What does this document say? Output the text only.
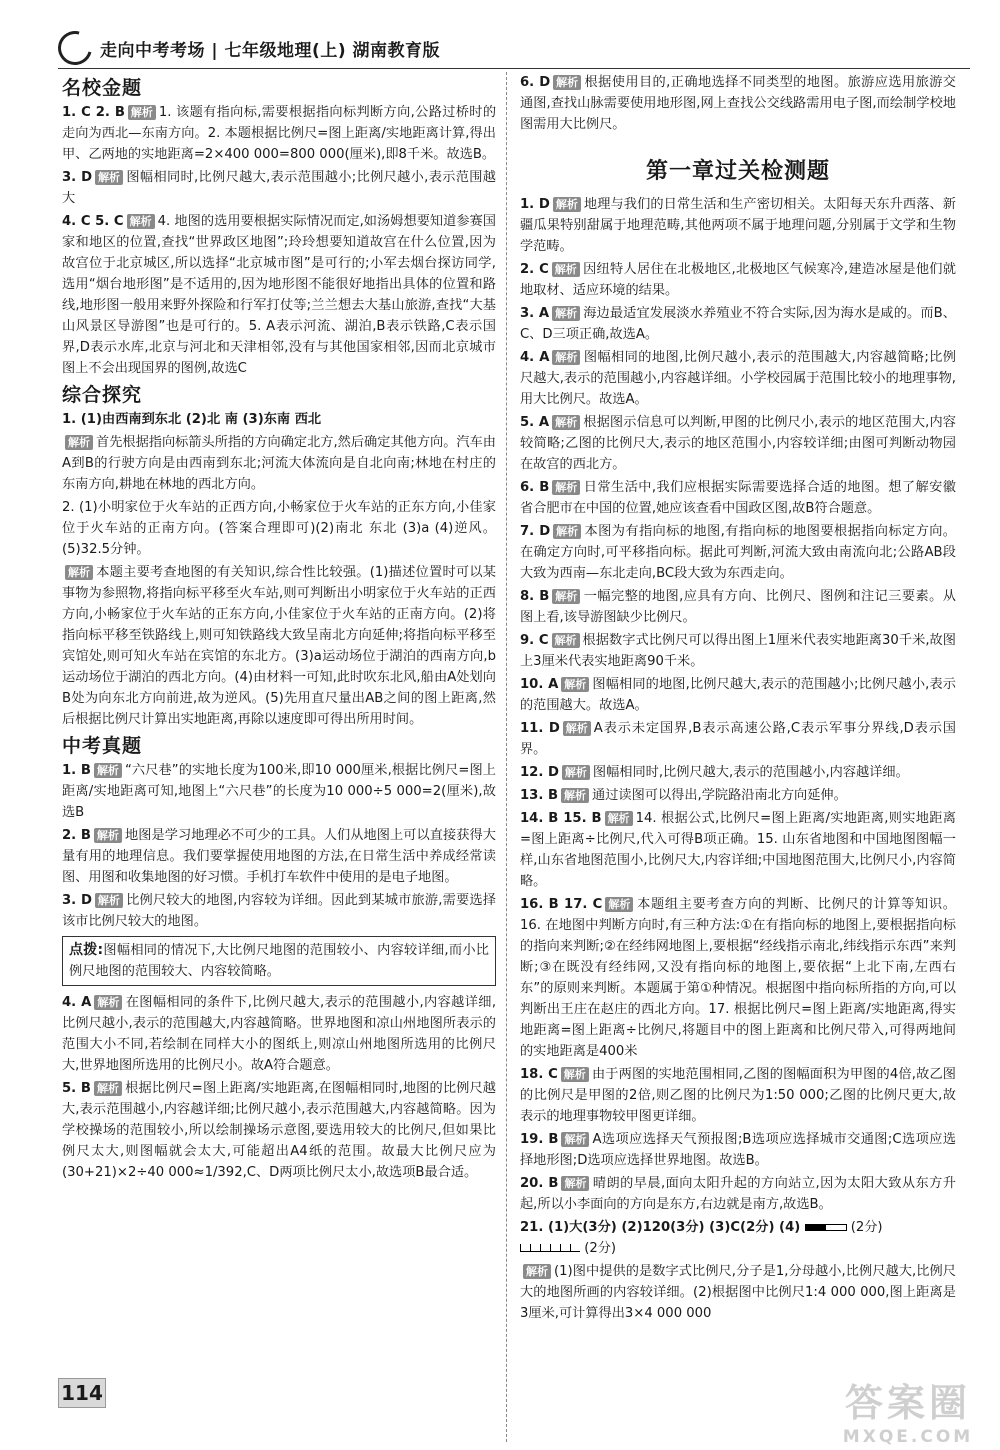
走向中考考场 | 七年级地理(上) 湖南教育版
名校金题
1. C 2. B 解析 1. 该题有指向标,需要根据指向标判断方向,公路过桥时的走向为西北—东南方向。2. 本题根据比例尺=图上距离/实地距离计算,得出甲、乙两地的实地距离=2×400 000=800 000(厘米),即8千米。故选B。
3. D 解析 图幅相同时,比例尺越大,表示范围越小;比例尺越小,表示范围越大
4. C 5. C 解析 4. 地图的选用要根据实际情况而定,如汤姆想要知道参赛国家和地区的位置,查找“世界政区地图”;玲玲想要知道故宫在什么位置,因为故宫位于北京城区,所以选择“北京城市图”是可行的;小军去烟台探访同学,选用“烟台地形图”是不适用的,因为地形图不能很好地指出具体的位置和路线,地形图一般用来野外探险和行军打仗等;兰兰想去大基山旅游,查找“大基山风景区导游图”也是可行的。5. A表示河流、湖泊,B表示铁路,C表示国界,D表示水库,北京与河北和天津相邻,没有与其他国家相邻,因而北京城市图上不会出现国界的图例,故选C
综合探究
1. (1)由西南到东北 (2)北 南 (3)东南 西北
解析 首先根据指向标箭头所指的方向确定北方,然后确定其他方向。汽车由A到B的行驶方向是由西南到东北;河流大体流向是自北向南;林地在村庄的东南方向,耕地在林地的西北方向。
2. (1)小明家位于火车站的正西方向,小畅家位于火车站的正东方向,小佳家位于火车站的正南方向。(答案合理即可)(2)南北 东北 (3)a (4)逆风。(5)32.5分钟。
解析 本题主要考查地图的有关知识,综合性比较强。(1)描述位置时可以某事物为参照物,将指向标平移至火车站,则可判断出小明家位于火车站的正西方向,小畅家位于火车站的正东方向,小佳家位于火车站的正南方向。(2)将指向标平移至铁路线上,则可知铁路线大致呈南北方向延伸;将指向标平移至宾馆处,则可知火车站在宾馆的东北方。(3)a运动场位于湖泊的西南方向,b运动场位于湖泊的西北方向。(4)由材料一可知,此时吹东北风,船由A处划向B处为向东北方向前进,故为逆风。(5)先用直尺量出AB之间的图上距离,然后根据比例尺计算出实地距离,再除以速度即可得出所用时间。
中考真题
1. B 解析 “六尺巷”的实地长度为100米,即10 000厘米,根据比例尺=图上距离/实地距离可知,地图上“六尺巷”的长度为10 000÷5 000=2(厘米),故选B
2. B 解析 地图是学习地理必不可少的工具。人们从地图上可以直接获得大量有用的地理信息。我们要掌握使用地图的方法,在日常生活中养成经常读图、用图和收集地图的好习惯。手机打车软件中使用的是电子地图。
3. D 解析 比例尺较大的地图,内容较为详细。因此到某城市旅游,需要选择该市比例尺较大的地图。
点拨:图幅相同的情况下,大比例尺地图的范围较小、内容较详细,而小比例尺地图的范围较大、内容较简略。
4. A 解析 在图幅相同的条件下,比例尺越大,表示的范围越小,内容越详细,比例尺越小,表示的范围越大,内容越简略。世界地图和凉山州地图所表示的范围大小不同,若绘制在同样大小的图纸上,则凉山州地图所选用的比例尺大,世界地图所选用的比例尺小。故A符合题意。
5. B 解析 根据比例尺=图上距离/实地距离,在图幅相同时,地图的比例尺越大,表示范围越小,内容越详细;比例尺越小,表示范围越大,内容越简略。因为学校操场的范围较小,所以绘制操场示意图,要选用较大的比例尺,但如果比例尺太大,则图幅就会太大,可能超出A4纸的范围。故最大比例尺应为(30+21)×2÷40 000≈1/392,C、D两项比例尺太小,故选项B最合适。
6. D 解析 根据使用目的,正确地选择不同类型的地图。旅游应选用旅游交通图,查找山脉需要使用地形图,网上查找公交线路需用电子图,而绘制学校地图需用大比例尺。
第一章过关检测题
1. D 解析 地理与我们的日常生活和生产密切相关。太阳每天东升西落、新疆瓜果特别甜属于地理范畴,其他两项不属于地理问题,分别属于文学和生物学范畴。
2. C 解析 因纽特人居住在北极地区,北极地区气候寒冷,建造冰屋是他们就地取材、适应环境的结果。
3. A 解析 海边最适宜发展淡水养殖业不符合实际,因为海水是咸的。而B、C、D三项正确,故选A。
4. A 解析 图幅相同的地图,比例尺越小,表示的范围越大,内容越简略;比例尺越大,表示的范围越小,内容越详细。小学校园属于范围比较小的地理事物,用大比例尺。故选A。
5. A 解析 根据图示信息可以判断,甲图的比例尺小,表示的地区范围大,内容较简略;乙图的比例尺大,表示的地区范围小,内容较详细;由图可判断动物园在故宫的西北方。
6. B 解析 日常生活中,我们应根据实际需要选择合适的地图。想了解安徽省合肥市在中国的位置,她应该查看中国政区图,故B符合题意。
7. D 解析 本图为有指向标的地图,有指向标的地图要根据指向标定方向。在确定方向时,可平移指向标。据此可判断,河流大致由南流向北;公路AB段大致为西南—东北走向,BC段大致为东西走向。
8. B 解析 一幅完整的地图,应具有方向、比例尺、图例和注记三要素。从图上看,该导游图缺少比例尺。
9. C 解析 根据数字式比例尺可以得出图上1厘米代表实地距离30千米,故图上3厘米代表实地距离90千米。
10. A 解析 图幅相同的地图,比例尺越大,表示的范围越小;比例尺越小,表示的范围越大。故选A。
11. D 解析 A表示未定国界,B表示高速公路,C表示军事分界线,D表示国界。
12. D 解析 图幅相同时,比例尺越大,表示的范围越小,内容越详细。
13. B 解析 通过读图可以得出,学院路沿南北方向延伸。
14. B 15. B 解析 14. 根据公式,比例尺=图上距离/实地距离,则实地距离=图上距离÷比例尺,代入可得B项正确。15. 山东省地图和中国地图图幅一样,山东省地图范围小,比例尺大,内容详细;中国地图范围大,比例尺小,内容简略。
16. B 17. C 解析 本题组主要考查方向的判断、比例尺的计算等知识。16. 在地图中判断方向时,有三种方法:①在有指向标的地图上,要根据指向标的指向来判断;②在经纬网地图上,要根据“经线指示南北,纬线指示东西”来判断;③在既没有经纬网,又没有指向标的地图上,要依据“上北下南,左西右东”的原则来判断。本题属于第①种情况。根据图中指向标所指的方向,可以判断出王庄在赵庄的西北方向。17. 根据比例尺=图上距离/实地距离,得实地距离=图上距离÷比例尺,将题目中的图上距离和比例尺带入,可得两地间的实地距离是400米
18. C 解析 由于两图的实地范围相同,乙图的图幅面积为甲图的4倍,故乙图的比例尺是甲图的2倍,则乙图的比例尺为1:50 000;乙图的比例尺更大,故表示的地理事物较甲图更详细。
19. B 解析 A选项应选择天气预报图;B选项应选择城市交通图;C选项应选择地形图;D选项应选择世界地图。故选B。
20. B 解析 晴朗的早晨,面向太阳升起的方向站立,因为太阳大致从东方升起,所以小李面向的方向是东方,右边就是南方,故选B。
21. (1)大(3分) (2)120(3分) (3)C(2分) (4)	(2分)
(2分)
解析 (1)图中提供的是数字式比例尺,分子是1,分母越小,比例尺越大,比例尺大的地图所画的内容较详细。(2)根据图中比例尺1:4 000 000,图上距离是3厘米,可计算得出3×4 000 000
114	答案圈
MXQE.COM
